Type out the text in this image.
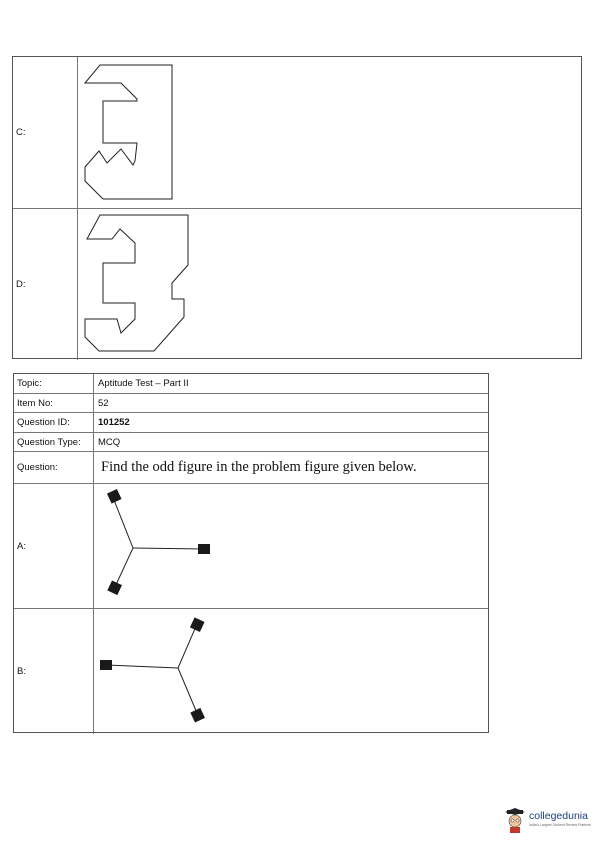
C:
D:
Topic:	Aptitude Test – Part II
Item No:	52
Question ID:	101252
Question Type:	MCQ
Question:	Find the odd figure in the problem figure given below.
A:
B:
collegedunia
India's Largest Student Review Platform
